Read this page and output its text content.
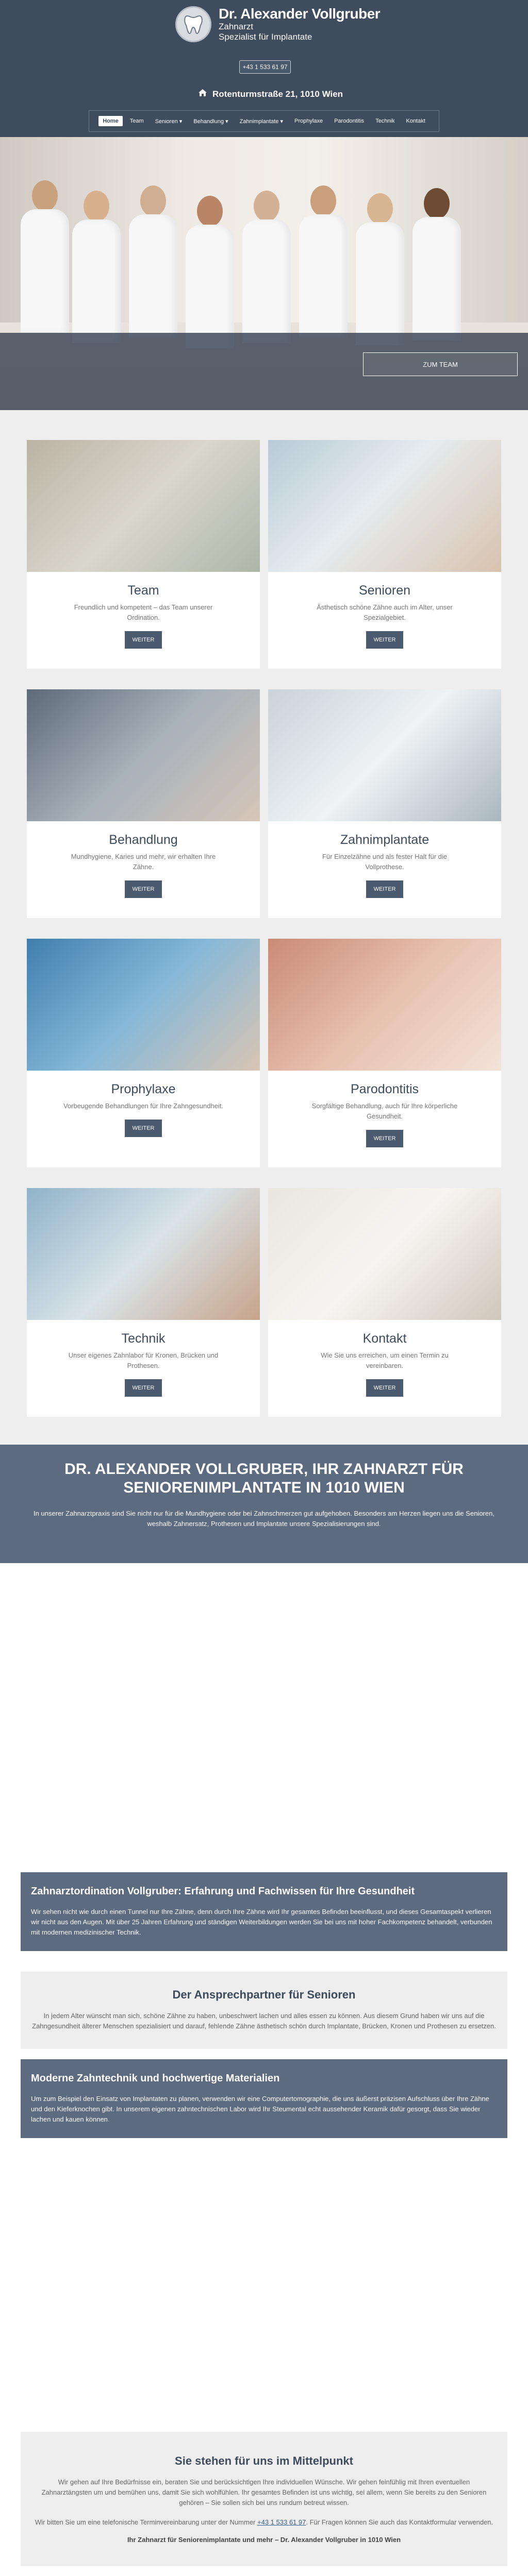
Dr. Alexander Vollgruber
Zahnarzt
Spezialist für Implantate
+43 1 533 61 97
Rotenturmstraße 21, 1010 Wien
Home	Team	Senioren ▾	Behandlung ▾	Zahnimplantate ▾	Prophylaxe	Parodontitis	Technik	Kontakt
ZUM TEAM
Team
Freundlich und kompetent – das Team unserer Ordination.
WEITER
Senioren
Ästhetisch schöne Zähne auch im Alter, unser Spezialgebiet.
WEITER
Behandlung
Mundhygiene, Karies und mehr, wir erhalten Ihre Zähne.
WEITER
Zahnimplantate
Für Einzelzähne und als fester Halt für die Vollprothese.
WEITER
Prophylaxe
Vorbeugende Behandlungen für Ihre Zahngesundheit.
WEITER
Parodontitis
Sorgfältige Behandlung, auch für Ihre körperliche Gesundheit.
WEITER
Technik
Unser eigenes Zahnlabor für Kronen, Brücken und Prothesen.
WEITER
Kontakt
Wie Sie uns erreichen, um einen Termin zu vereinbaren.
WEITER
DR. ALEXANDER VOLLGRUBER, IHR ZAHNARZT FÜR SENIORENIMPLANTATE IN 1010 WIEN

In unserer Zahnarztpraxis sind Sie nicht nur für die Mundhygiene oder bei Zahnschmerzen gut aufgehoben. Besonders am Herzen liegen uns die Senioren, weshalb Zahnersatz, Prothesen und Implantate unsere Spezialisierungen sind.

Zahnarztordination Vollgruber: Erfahrung und Fachwissen für Ihre Gesundheit

Wir sehen nicht wie durch einen Tunnel nur Ihre Zähne, denn durch Ihre Zähne wird Ihr gesamtes Befinden beeinflusst, und dieses Gesamtaspekt verlieren wir nicht aus den Augen. Mit über 25 Jahren Erfahrung und ständigen Weiterbildungen werden Sie bei uns mit hoher Fachkompetenz behandelt, verbunden mit modernen medizinischer Technik.

Der Ansprechpartner für Senioren

In jedem Alter wünscht man sich, schöne Zähne zu haben, unbeschwert lachen und alles essen zu können. Aus diesem Grund haben wir uns auf die Zahngesundheit älterer Menschen spezialisiert und darauf, fehlende Zähne ästhetisch schön durch Implantate, Brücken, Kronen und Prothesen zu ersetzen.

Moderne Zahntechnik und hochwertige Materialien

Um zum Beispiel den Einsatz von Implantaten zu planen, verwenden wir eine Computertomographie, die uns äußerst präzisen Aufschluss über Ihre Zähne und den Kieferknochen gibt. In unserem eigenen zahntechnischen Labor wird Ihr Steumental echt aussehender Keramik dafür gesorgt, dass Sie wieder lachen und kauen können.

Sie stehen für uns im Mittelpunkt

Wir gehen auf Ihre Bedürfnisse ein, beraten Sie und berücksichtigen Ihre individuellen Wünsche. Wir gehen feinfühlig mit Ihren eventuellen Zahnarztängsten um und bemühen uns, damit Sie sich wohlfühlen. Ihr gesamtes Befinden ist uns wichtig, sei allem, wenn Sie bereits zu den Senioren gehören – Sie sollen sich bei uns rundum betreut wissen.

Wir bitten Sie um eine telefonische Terminvereinbarung unter der Nummer +43 1 533 61 97. Für Fragen können Sie auch das Kontaktformular verwenden.

Ihr Zahnarzt für Seniorenimplantate und mehr – Dr. Alexander Vollgruber in 1010 Wien
